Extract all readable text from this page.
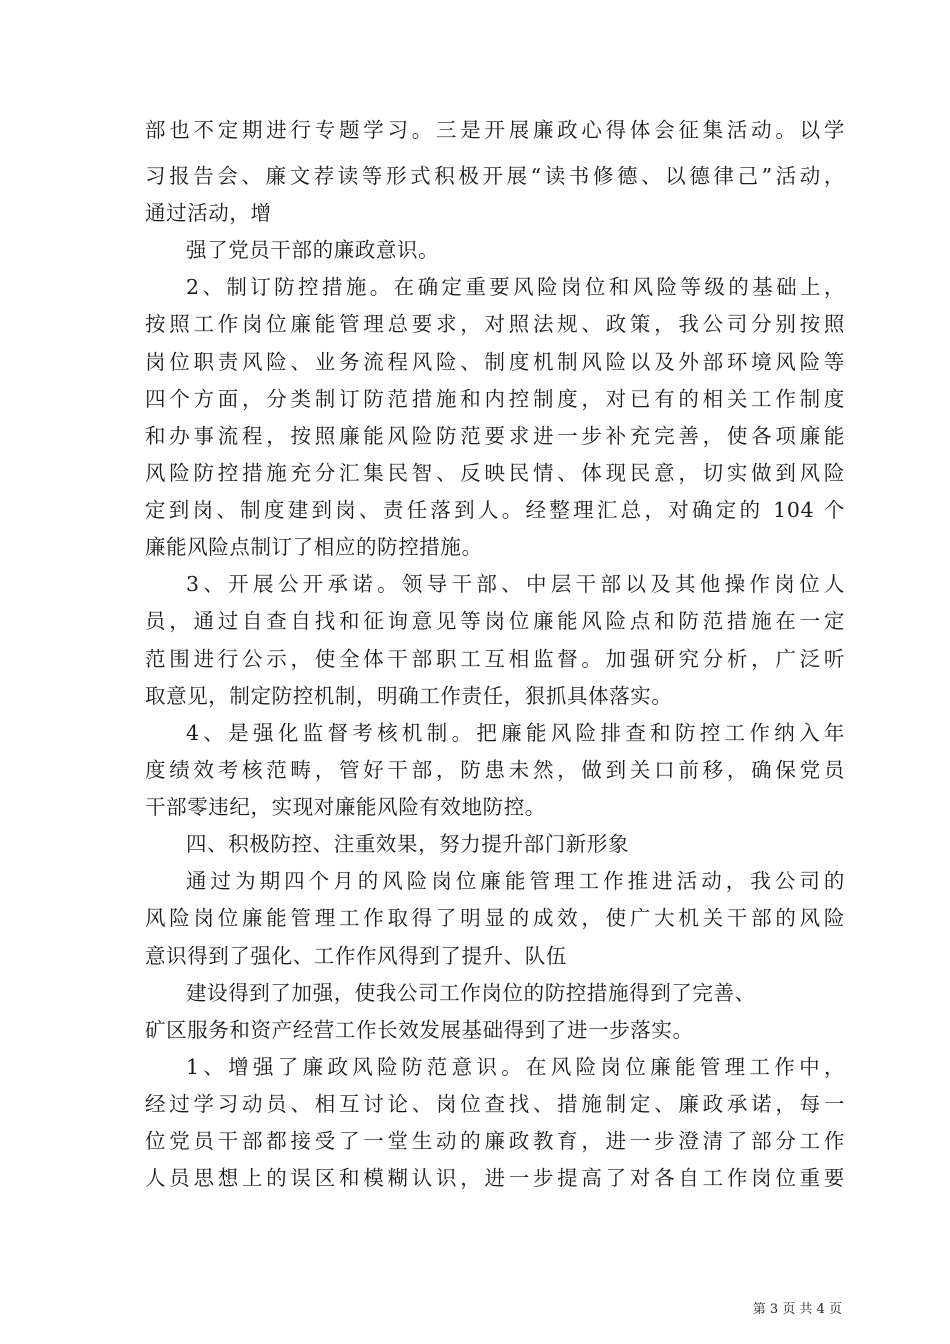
部也不定期进行专题学习。三是开展廉政心得体会征集活动。以学
习报告会、廉文荐读等形式积极开展“读书修德、以德律己”活动，
通过活动，增
强了党员干部的廉政意识。
2、制订防控措施。在确定重要风险岗位和风险等级的基础上，
按照工作岗位廉能管理总要求，对照法规、政策，我公司分别按照
岗位职责风险、业务流程风险、制度机制风险以及外部环境风险等
四个方面，分类制订防范措施和内控制度，对已有的相关工作制度
和办事流程，按照廉能风险防范要求进一步补充完善，使各项廉能
风险防控措施充分汇集民智、反映民情、体现民意，切实做到风险
定到岗、制度建到岗、责任落到人。经整理汇总，对确定的 104 个
廉能风险点制订了相应的防控措施。
3、开展公开承诺。领导干部、中层干部以及其他操作岗位人
员，通过自查自找和征询意见等岗位廉能风险点和防范措施在一定
范围进行公示，使全体干部职工互相监督。加强研究分析，广泛听
取意见，制定防控机制，明确工作责任，狠抓具体落实。
4、是强化监督考核机制。把廉能风险排查和防控工作纳入年
度绩效考核范畴，管好干部，防患未然，做到关口前移，确保党员
干部零违纪，实现对廉能风险有效地防控。
四、积极防控、注重效果，努力提升部门新形象
通过为期四个月的风险岗位廉能管理工作推进活动，我公司的
风险岗位廉能管理工作取得了明显的成效，使广大机关干部的风险
意识得到了强化、工作作风得到了提升、队伍
建设得到了加强，使我公司工作岗位的防控措施得到了完善、
矿区服务和资产经营工作长效发展基础得到了进一步落实。
1、增强了廉政风险防范意识。在风险岗位廉能管理工作中，
经过学习动员、相互讨论、岗位查找、措施制定、廉政承诺，每一
位党员干部都接受了一堂生动的廉政教育，进一步澄清了部分工作
人员思想上的误区和模糊认识，进一步提高了对各自工作岗位重要
第 3 页 共 4 页
